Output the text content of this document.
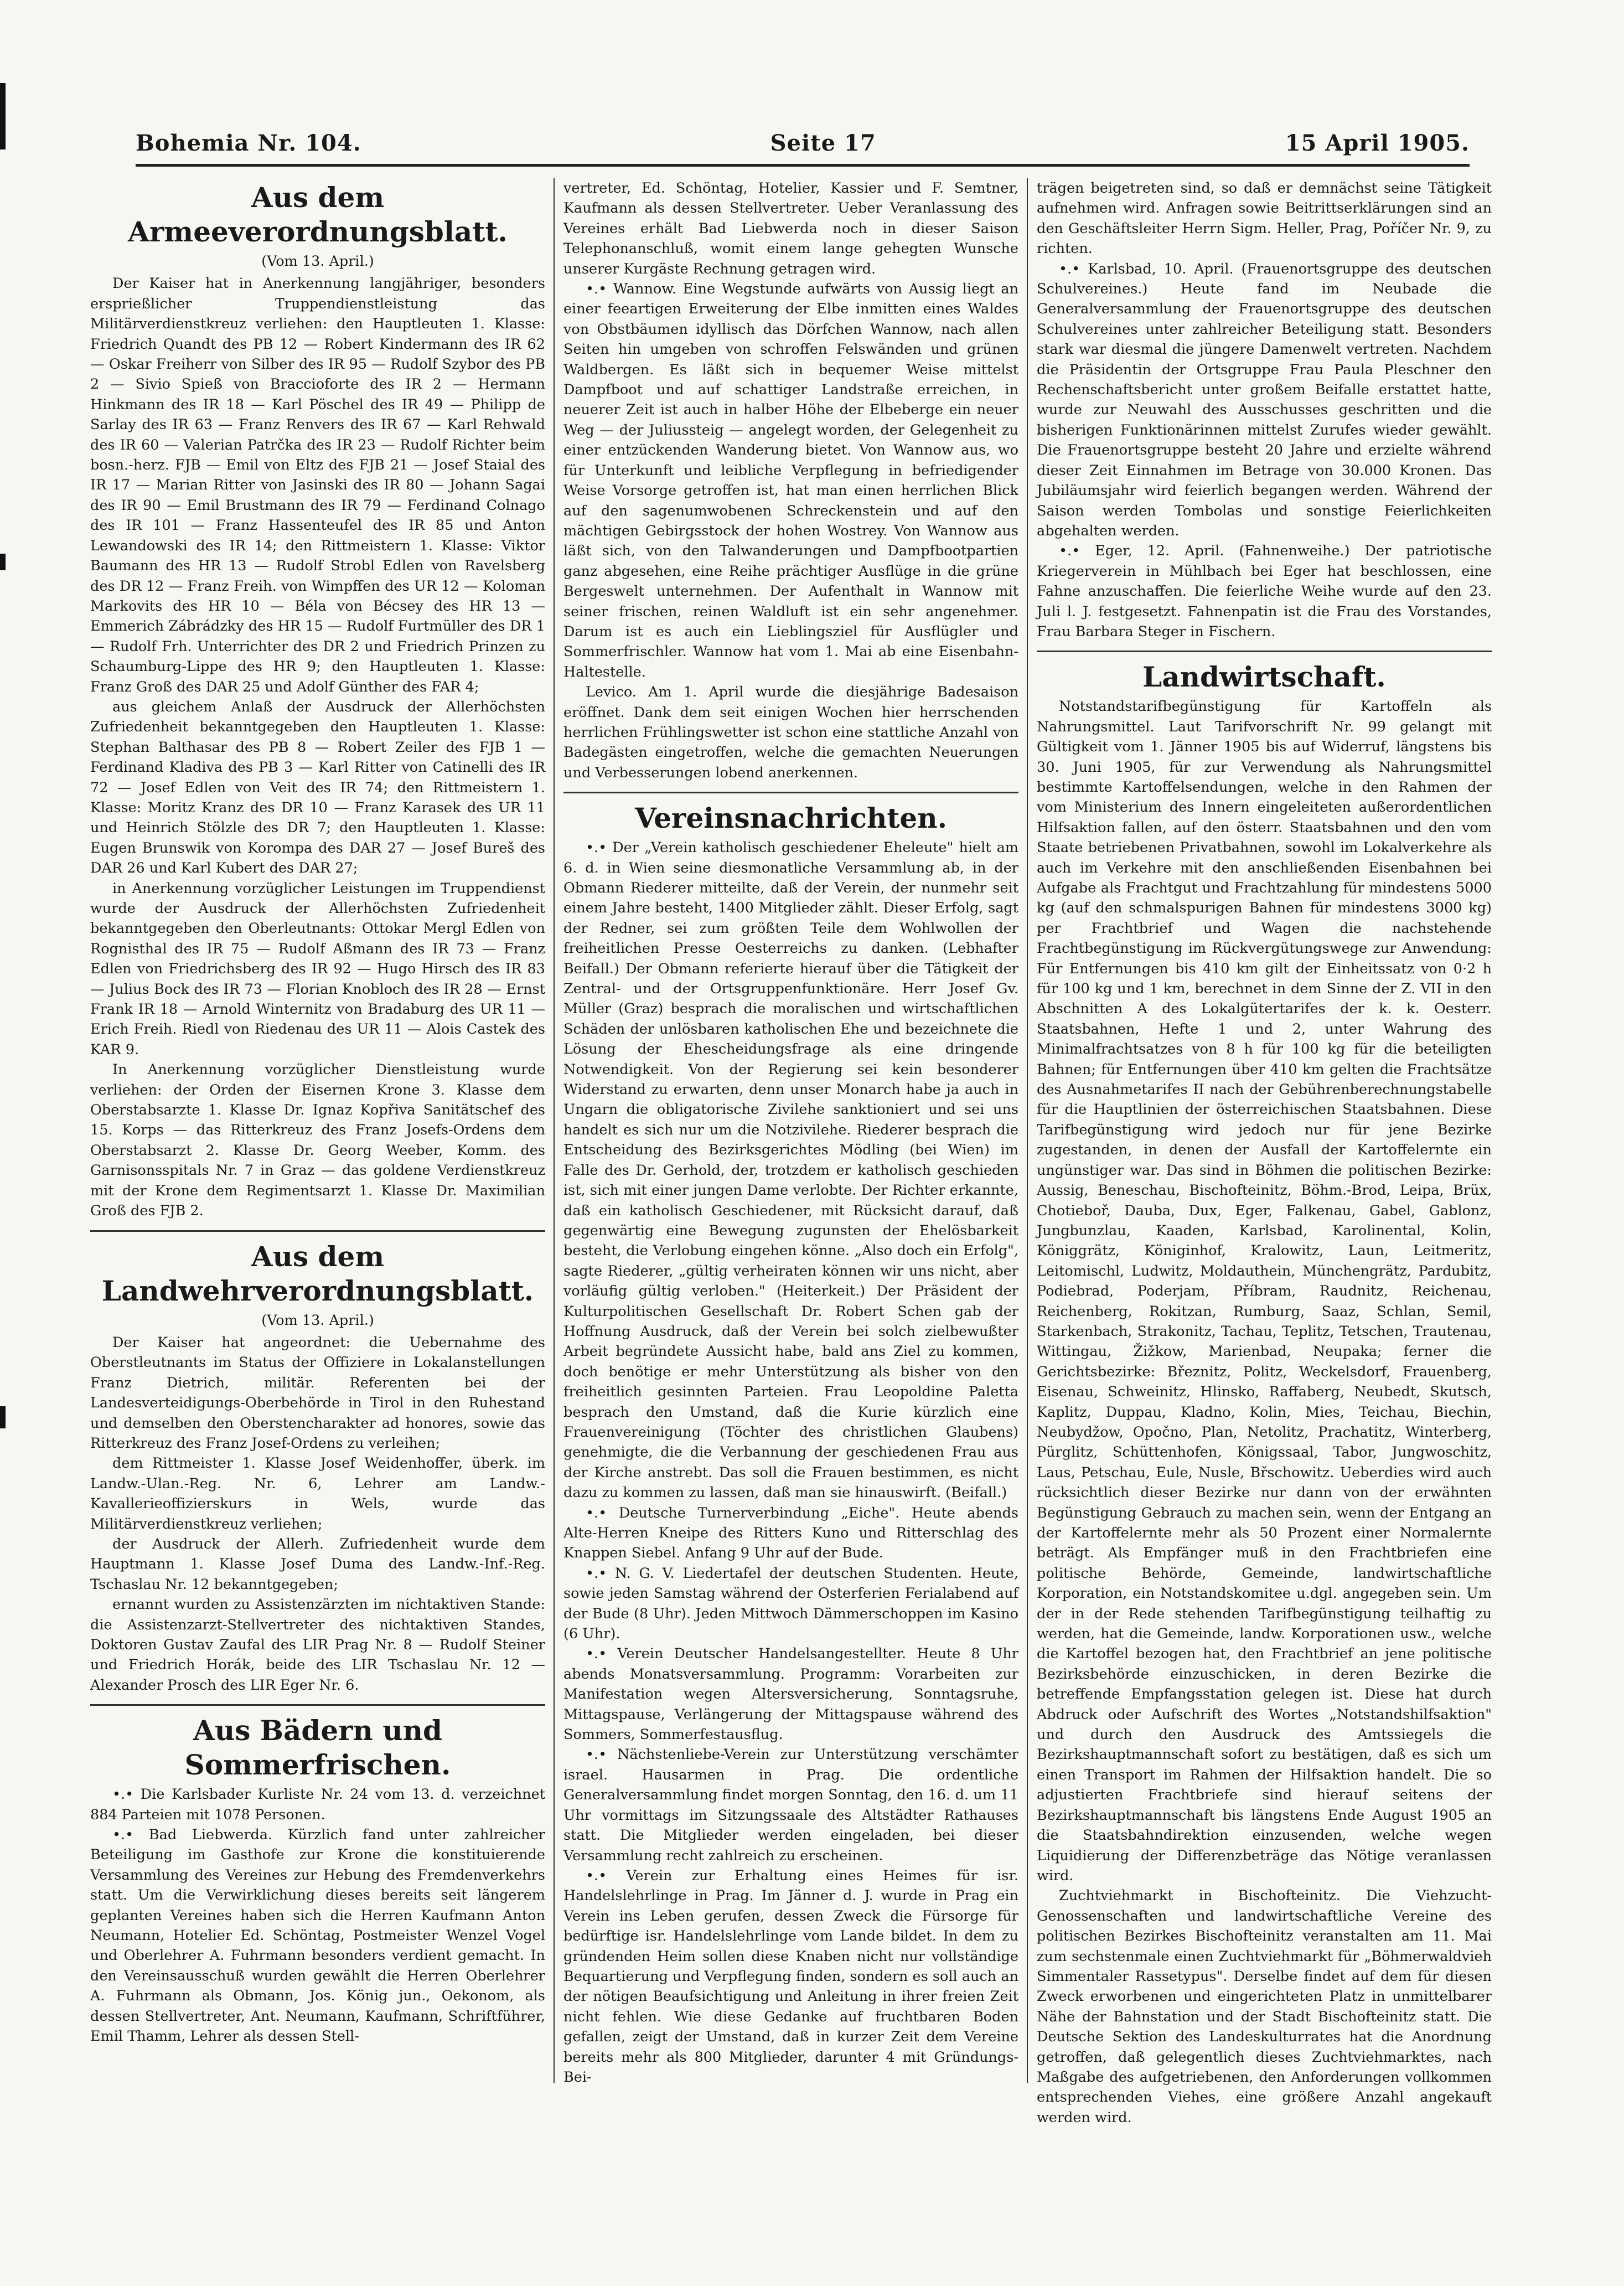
Bohemia Nr. 104.	Seite 17	15 April 1905.
Aus dem Armeeverordnungsblatt.
(Vom 13. April.)

Der Kaiser hat in Anerkennung langjähriger, besonders ersprießlicher Truppendienstleistung das Militärverdienstkreuz verliehen: den Hauptleuten 1. Klasse: Friedrich Quandt des PB 12 — Robert Kindermann des IR 62 — Oskar Freiherr von Silber des IR 95 — Rudolf Szybor des PB 2 — Sivio Spieß von Braccioforte des IR 2 — Hermann Hinkmann des IR 18 — Karl Pöschel des IR 49 — Philipp de Sarlay des IR 63 — Franz Renvers des IR 67 — Karl Rehwald des IR 60 — Valerian Patrčka des IR 23 — Rudolf Richter beim bosn.-herz. FJB — Emil von Eltz des FJB 21 — Josef Staial des IR 17 — Marian Ritter von Jasinski des IR 80 — Johann Sagai des IR 90 — Emil Brustmann des IR 79 — Ferdinand Colnago des IR 101 — Franz Hassenteufel des IR 85 und Anton Lewandowski des IR 14; den Rittmeistern 1. Klasse: Viktor Baumann des HR 13 — Rudolf Strobl Edlen von Ravelsberg des DR 12 — Franz Freih. von Wimpffen des UR 12 — Koloman Markovits des HR 10 — Béla von Bécsey des HR 13 — Emmerich Zábrádzky des HR 15 — Rudolf Furtmüller des DR 1 — Rudolf Frh. Unterrichter des DR 2 und Friedrich Prinzen zu Schaumburg-Lippe des HR 9; den Hauptleuten 1. Klasse: Franz Groß des DAR 25 und Adolf Günther des FAR 4;

aus gleichem Anlaß der Ausdruck der Allerhöchsten Zufriedenheit bekanntgegeben den Hauptleuten 1. Klasse: Stephan Balthasar des PB 8 — Robert Zeiler des FJB 1 — Ferdinand Kladiva des PB 3 — Karl Ritter von Catinelli des IR 72 — Josef Edlen von Veit des IR 74; den Rittmeistern 1. Klasse: Moritz Kranz des DR 10 — Franz Karasek des UR 11 und Heinrich Stölzle des DR 7; den Hauptleuten 1. Klasse: Eugen Brunswik von Korompa des DAR 27 — Josef Bureš des DAR 26 und Karl Kubert des DAR 27;

in Anerkennung vorzüglicher Leistungen im Truppendienst wurde der Ausdruck der Allerhöchsten Zufriedenheit bekanntgegeben den Oberleutnants: Ottokar Mergl Edlen von Rognisthal des IR 75 — Rudolf Aßmann des IR 73 — Franz Edlen von Friedrichsberg des IR 92 — Hugo Hirsch des IR 83 — Julius Bock des IR 73 — Florian Knobloch des IR 28 — Ernst Frank IR 18 — Arnold Winternitz von Bradaburg des UR 11 — Erich Freih. Riedl von Riedenau des UR 11 — Alois Castek des KAR 9.

In Anerkennung vorzüglicher Dienstleistung wurde verliehen: der Orden der Eisernen Krone 3. Klasse dem Oberstabsarzte 1. Klasse Dr. Ignaz Kopřiva Sanitätschef des 15. Korps — das Ritterkreuz des Franz Josefs-Ordens dem Oberstabsarzt 2. Klasse Dr. Georg Weeber, Komm. des Garnisonsspitals Nr. 7 in Graz — das goldene Verdienstkreuz mit der Krone dem Regimentsarzt 1. Klasse Dr. Maximilian Groß des FJB 2.

Aus dem Landwehrverordnungsblatt.
(Vom 13. April.)

Der Kaiser hat angeordnet: die Uebernahme des Oberstleutnants im Status der Offiziere in Lokalanstellungen Franz Dietrich, militär. Referenten bei der Landesverteidigungs-Oberbehörde in Tirol in den Ruhestand und demselben den Oberstencharakter ad honores, sowie das Ritterkreuz des Franz Josef-Ordens zu verleihen;

dem Rittmeister 1. Klasse Josef Weidenhoffer, überk. im Landw.-Ulan.-Reg. Nr. 6, Lehrer am Landw.-Kavallerieoffizierskurs in Wels, wurde das Militärverdienstkreuz verliehen;

der Ausdruck der Allerh. Zufriedenheit wurde dem Hauptmann 1. Klasse Josef Duma des Landw.-Inf.-Reg. Tschaslau Nr. 12 bekanntgegeben;

ernannt wurden zu Assistenzärzten im nichtaktiven Stande: die Assistenzarzt-Stellvertreter des nichtaktiven Standes, Doktoren Gustav Zaufal des LIR Prag Nr. 8 — Rudolf Steiner und Friedrich Horák, beide des LIR Tschaslau Nr. 12 — Alexander Prosch des LIR Eger Nr. 6.

Aus Bädern und Sommerfrischen.

•.• Die Karlsbader Kurliste Nr. 24 vom 13. d. verzeichnet 884 Parteien mit 1078 Personen.

•.• Bad Liebwerda. Kürzlich fand unter zahlreicher Beteiligung im Gasthofe zur Krone die konstituierende Versammlung des Vereines zur Hebung des Fremdenverkehrs statt. Um die Verwirklichung dieses bereits seit längerem geplanten Vereines haben sich die Herren Kaufmann Anton Neumann, Hotelier Ed. Schöntag, Postmeister Wenzel Vogel und Oberlehrer A. Fuhrmann besonders verdient gemacht. In den Vereinsausschuß wurden gewählt die Herren Oberlehrer A. Fuhrmann als Obmann, Jos. König jun., Oekonom, als dessen Stellvertreter, Ant. Neumann, Kaufmann, Schriftführer, Emil Thamm, Lehrer als dessen Stell-

vertreter, Ed. Schöntag, Hotelier, Kassier und F. Semtner, Kaufmann als dessen Stellvertreter. Ueber Veranlassung des Vereines erhält Bad Liebwerda noch in dieser Saison Telephonanschluß, womit einem lange gehegten Wunsche unserer Kurgäste Rechnung getragen wird.

•.• Wannow. Eine Wegstunde aufwärts von Aussig liegt an einer feeartigen Erweiterung der Elbe inmitten eines Waldes von Obstbäumen idyllisch das Dörfchen Wannow, nach allen Seiten hin umgeben von schroffen Felswänden und grünen Waldbergen. Es läßt sich in bequemer Weise mittelst Dampfboot und auf schattiger Landstraße erreichen, in neuerer Zeit ist auch in halber Höhe der Elbeberge ein neuer Weg — der Juliussteig — angelegt worden, der Gelegenheit zu einer entzückenden Wanderung bietet. Von Wannow aus, wo für Unterkunft und leibliche Verpflegung in befriedigender Weise Vorsorge getroffen ist, hat man einen herrlichen Blick auf den sagenumwobenen Schreckenstein und auf den mächtigen Gebirgsstock der hohen Wostrey. Von Wannow aus läßt sich, von den Talwanderungen und Dampfbootpartien ganz abgesehen, eine Reihe prächtiger Ausflüge in die grüne Bergeswelt unternehmen. Der Aufenthalt in Wannow mit seiner frischen, reinen Waldluft ist ein sehr angenehmer. Darum ist es auch ein Lieblingsziel für Ausflügler und Sommerfrischler. Wannow hat vom 1. Mai ab eine Eisenbahn-Haltestelle.

Levico. Am 1. April wurde die diesjährige Badesaison eröffnet. Dank dem seit einigen Wochen hier herrschenden herrlichen Frühlingswetter ist schon eine stattliche Anzahl von Badegästen eingetroffen, welche die gemachten Neuerungen und Verbesserungen lobend anerkennen.

Vereinsnachrichten.

•.• Der „Verein katholisch geschiedener Eheleute" hielt am 6. d. in Wien seine diesmonatliche Versammlung ab, in der Obmann Riederer mitteilte, daß der Verein, der nunmehr seit einem Jahre besteht, 1400 Mitglieder zählt. Dieser Erfolg, sagt der Redner, sei zum größten Teile dem Wohlwollen der freiheitlichen Presse Oesterreichs zu danken. (Lebhafter Beifall.) Der Obmann referierte hierauf über die Tätigkeit der Zentral- und der Ortsgruppenfunktionäre. Herr Josef Gv. Müller (Graz) besprach die moralischen und wirtschaftlichen Schäden der unlösbaren katholischen Ehe und bezeichnete die Lösung der Ehescheidungsfrage als eine dringende Notwendigkeit. Von der Regierung sei kein besonderer Widerstand zu erwarten, denn unser Monarch habe ja auch in Ungarn die obligatorische Zivilehe sanktioniert und sei uns handelt es sich nur um die Notzivilehe. Riederer besprach die Entscheidung des Bezirksgerichtes Mödling (bei Wien) im Falle des Dr. Gerhold, der, trotzdem er katholisch geschieden ist, sich mit einer jungen Dame verlobte. Der Richter erkannte, daß ein katholisch Geschiedener, mit Rücksicht darauf, daß gegenwärtig eine Bewegung zugunsten der Ehelösbarkeit besteht, die Verlobung eingehen könne. „Also doch ein Erfolg", sagte Riederer, „gültig verheiraten können wir uns nicht, aber vorläufig gültig verloben." (Heiterkeit.) Der Präsident der Kulturpolitischen Gesellschaft Dr. Robert Schen gab der Hoffnung Ausdruck, daß der Verein bei solch zielbewußter Arbeit begründete Aussicht habe, bald ans Ziel zu kommen, doch benötige er mehr Unterstützung als bisher von den freiheitlich gesinnten Parteien. Frau Leopoldine Paletta besprach den Umstand, daß die Kurie kürzlich eine Frauenvereinigung (Töchter des christlichen Glaubens) genehmigte, die die Verbannung der geschiedenen Frau aus der Kirche anstrebt. Das soll die Frauen bestimmen, es nicht dazu zu kommen zu lassen, daß man sie hinauswirft. (Beifall.)

•.• Deutsche Turnerverbindung „Eiche". Heute abends Alte-Herren Kneipe des Ritters Kuno und Ritterschlag des Knappen Siebel. Anfang 9 Uhr auf der Bude.

•.• N. G. V. Liedertafel der deutschen Studenten. Heute, sowie jeden Samstag während der Osterferien Ferialabend auf der Bude (8 Uhr). Jeden Mittwoch Dämmerschoppen im Kasino (6 Uhr).

•.• Verein Deutscher Handelsangestellter. Heute 8 Uhr abends Monatsversammlung. Programm: Vorarbeiten zur Manifestation wegen Altersversicherung, Sonntagsruhe, Mittagspause, Verlängerung der Mittagspause während des Sommers, Sommerfestausflug.

•.• Nächstenliebe-Verein zur Unterstützung verschämter israel. Hausarmen in Prag. Die ordentliche Generalversammlung findet morgen Sonntag, den 16. d. um 11 Uhr vormittags im Sitzungssaale des Altstädter Rathauses statt. Die Mitglieder werden eingeladen, bei dieser Versammlung recht zahlreich zu erscheinen.

•.• Verein zur Erhaltung eines Heimes für isr. Handelslehrlinge in Prag. Im Jänner d. J. wurde in Prag ein Verein ins Leben gerufen, dessen Zweck die Fürsorge für bedürftige isr. Handelslehrlinge vom Lande bildet. In dem zu gründenden Heim sollen diese Knaben nicht nur vollständige Bequartierung und Verpflegung finden, sondern es soll auch an der nötigen Beaufsichtigung und Anleitung in ihrer freien Zeit nicht fehlen. Wie diese Gedanke auf fruchtbaren Boden gefallen, zeigt der Umstand, daß in kurzer Zeit dem Vereine bereits mehr als 800 Mitglieder, darunter 4 mit Gründungs-Bei-

trägen beigetreten sind, so daß er demnächst seine Tätigkeit aufnehmen wird. Anfragen sowie Beitrittserklärungen sind an den Geschäftsleiter Herrn Sigm. Heller, Prag, Poříčer Nr. 9, zu richten.

•.• Karlsbad, 10. April. (Frauenortsgruppe des deutschen Schulvereines.) Heute fand im Neubade die Generalversammlung der Frauenortsgruppe des deutschen Schulvereines unter zahlreicher Beteiligung statt. Besonders stark war diesmal die jüngere Damenwelt vertreten. Nachdem die Präsidentin der Ortsgruppe Frau Paula Pleschner den Rechenschaftsbericht unter großem Beifalle erstattet hatte, wurde zur Neuwahl des Ausschusses geschritten und die bisherigen Funktionärinnen mittelst Zurufes wieder gewählt. Die Frauenortsgruppe besteht 20 Jahre und erzielte während dieser Zeit Einnahmen im Betrage von 30.000 Kronen. Das Jubiläumsjahr wird feierlich begangen werden. Während der Saison werden Tombolas und sonstige Feierlichkeiten abgehalten werden.

•.• Eger, 12. April. (Fahnenweihe.) Der patriotische Kriegerverein in Mühlbach bei Eger hat beschlossen, eine Fahne anzuschaffen. Die feierliche Weihe wurde auf den 23. Juli l. J. festgesetzt. Fahnenpatin ist die Frau des Vorstandes, Frau Barbara Steger in Fischern.

Landwirtschaft.

Notstandstarifbegünstigung für Kartoffeln als Nahrungsmittel. Laut Tarifvorschrift Nr. 99 gelangt mit Gültigkeit vom 1. Jänner 1905 bis auf Widerruf, längstens bis 30. Juni 1905, für zur Verwendung als Nahrungsmittel bestimmte Kartoffelsendungen, welche in den Rahmen der vom Ministerium des Innern eingeleiteten außerordentlichen Hilfsaktion fallen, auf den österr. Staatsbahnen und den vom Staate betriebenen Privatbahnen, sowohl im Lokalverkehre als auch im Verkehre mit den anschließenden Eisenbahnen bei Aufgabe als Frachtgut und Frachtzahlung für mindestens 5000 kg (auf den schmalspurigen Bahnen für mindestens 3000 kg) per Frachtbrief und Wagen die nachstehende Frachtbegünstigung im Rückvergütungswege zur Anwendung: Für Entfernungen bis 410 km gilt der Einheitssatz von 0·2 h für 100 kg und 1 km, berechnet in dem Sinne der Z. VII in den Abschnitten A des Lokalgütertarifes der k. k. Oesterr. Staatsbahnen, Hefte 1 und 2, unter Wahrung des Minimalfrachtsatzes von 8 h für 100 kg für die beteiligten Bahnen; für Entfernungen über 410 km gelten die Frachtsätze des Ausnahmetarifes II nach der Gebührenberechnungstabelle für die Hauptlinien der österreichischen Staatsbahnen. Diese Tarifbegünstigung wird jedoch nur für jene Bezirke zugestanden, in denen der Ausfall der Kartoffelernte ein ungünstiger war. Das sind in Böhmen die politischen Bezirke: Aussig, Beneschau, Bischofteinitz, Böhm.-Brod, Leipa, Brüx, Chotieboř, Dauba, Dux, Eger, Falkenau, Gabel, Gablonz, Jungbunzlau, Kaaden, Karlsbad, Karolinental, Kolin, Königgrätz, Königinhof, Kralowitz, Laun, Leitmeritz, Leitomischl, Ludwitz, Moldauthein, Münchengrätz, Pardubitz, Podiebrad, Poderjam, Příbram, Raudnitz, Reichenau, Reichenberg, Rokitzan, Rumburg, Saaz, Schlan, Semil, Starkenbach, Strakonitz, Tachau, Teplitz, Tetschen, Trautenau, Wittingau, Žižkow, Marienbad, Neupaka; ferner die Gerichtsbezirke: Březnitz, Politz, Weckelsdorf, Frauenberg, Eisenau, Schweinitz, Hlinsko, Raffaberg, Neubedt, Skutsch, Kaplitz, Duppau, Kladno, Kolin, Mies, Teichau, Biechin, Neubydžow, Opočno, Plan, Netolitz, Prachatitz, Winterberg, Pürglitz, Schüttenhofen, Königssaal, Tabor, Jungwoschitz, Laus, Petschau, Eule, Nusle, Břschowitz. Ueberdies wird auch rücksichtlich dieser Bezirke nur dann von der erwähnten Begünstigung Gebrauch zu machen sein, wenn der Entgang an der Kartoffelernte mehr als 50 Prozent einer Normalernte beträgt. Als Empfänger muß in den Frachtbriefen eine politische Behörde, Gemeinde, landwirtschaftliche Korporation, ein Notstandskomitee u.dgl. angegeben sein. Um der in der Rede stehenden Tarifbegünstigung teilhaftig zu werden, hat die Gemeinde, landw. Korporationen usw., welche die Kartoffel bezogen hat, den Frachtbrief an jene politische Bezirksbehörde einzuschicken, in deren Bezirke die betreffende Empfangsstation gelegen ist. Diese hat durch Abdruck oder Aufschrift des Wortes „Notstandshilfsaktion" und durch den Ausdruck des Amtssiegels die Bezirkshauptmannschaft sofort zu bestätigen, daß es sich um einen Transport im Rahmen der Hilfsaktion handelt. Die so adjustierten Frachtbriefe sind hierauf seitens der Bezirkshauptmannschaft bis längstens Ende August 1905 an die Staatsbahndirektion einzusenden, welche wegen Liquidierung der Differenzbeträge das Nötige veranlassen wird.

Zuchtviehmarkt in Bischofteinitz. Die Viehzucht- Genossenschaften und landwirtschaftliche Vereine des politischen Bezirkes Bischofteinitz veranstalten am 11. Mai zum sechstenmale einen Zuchtviehmarkt für „Böhmerwaldvieh Simmentaler Rassetypus". Derselbe findet auf dem für diesen Zweck erworbenen und eingerichteten Platz in unmittelbarer Nähe der Bahnstation und der Stadt Bischofteinitz statt. Die Deutsche Sektion des Landeskulturrates hat die Anordnung getroffen, daß gelegentlich dieses Zuchtviehmarktes, nach Maßgabe des aufgetriebenen, den Anforderungen vollkommen entsprechenden Viehes, eine größere Anzahl angekauft werden wird.
